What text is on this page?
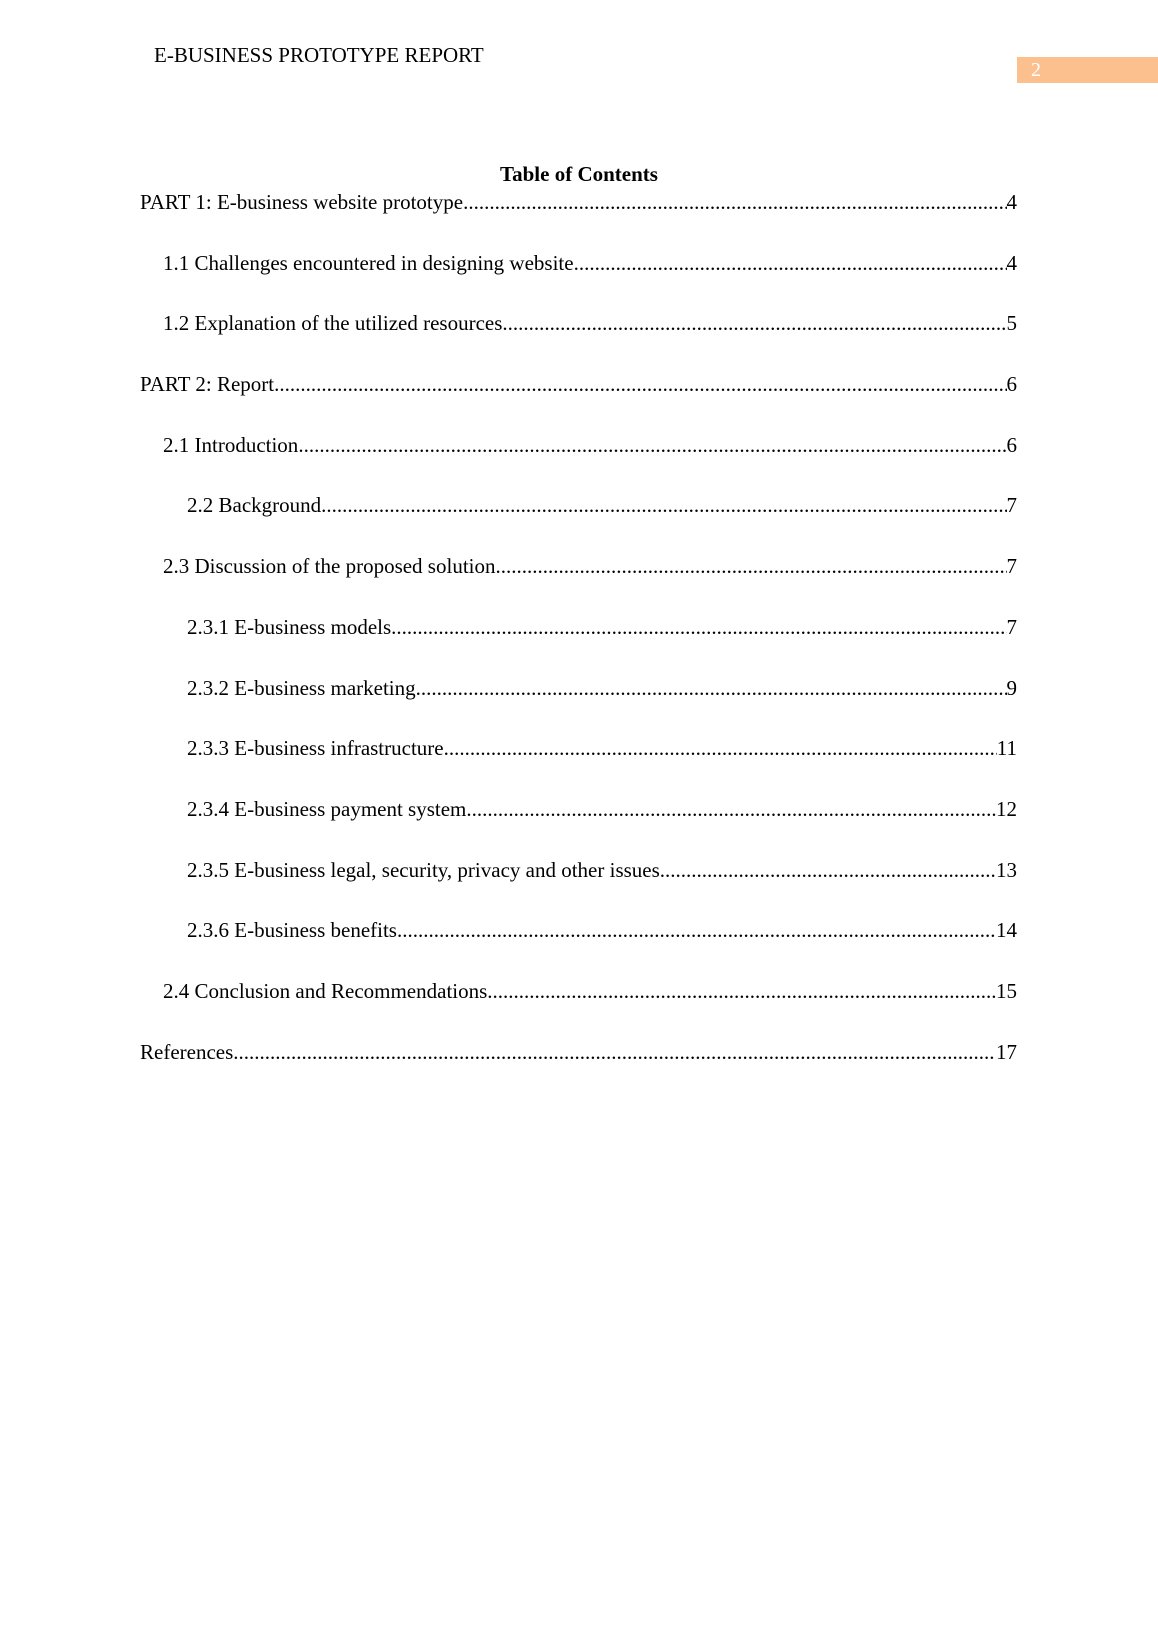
E-BUSINESS PROTOTYPE REPORT
2
Table of Contents
PART 1: E-business website prototype .....	4
1.1 Challenges encountered in designing website .....	4
1.2 Explanation of the utilized resources .....	5
PART 2: Report .....	6
2.1 Introduction .....	6
2.2 Background .....	7
2.3 Discussion of the proposed solution .....	7
2.3.1 E-business models .....	7
2.3.2 E-business marketing .....	9
2.3.3 E-business infrastructure .....	11
2.3.4 E-business payment system .....	12
2.3.5 E-business legal, security, privacy and other issues .....	13
2.3.6 E-business benefits .....	14
2.4 Conclusion and Recommendations .....	15
References .....	17
